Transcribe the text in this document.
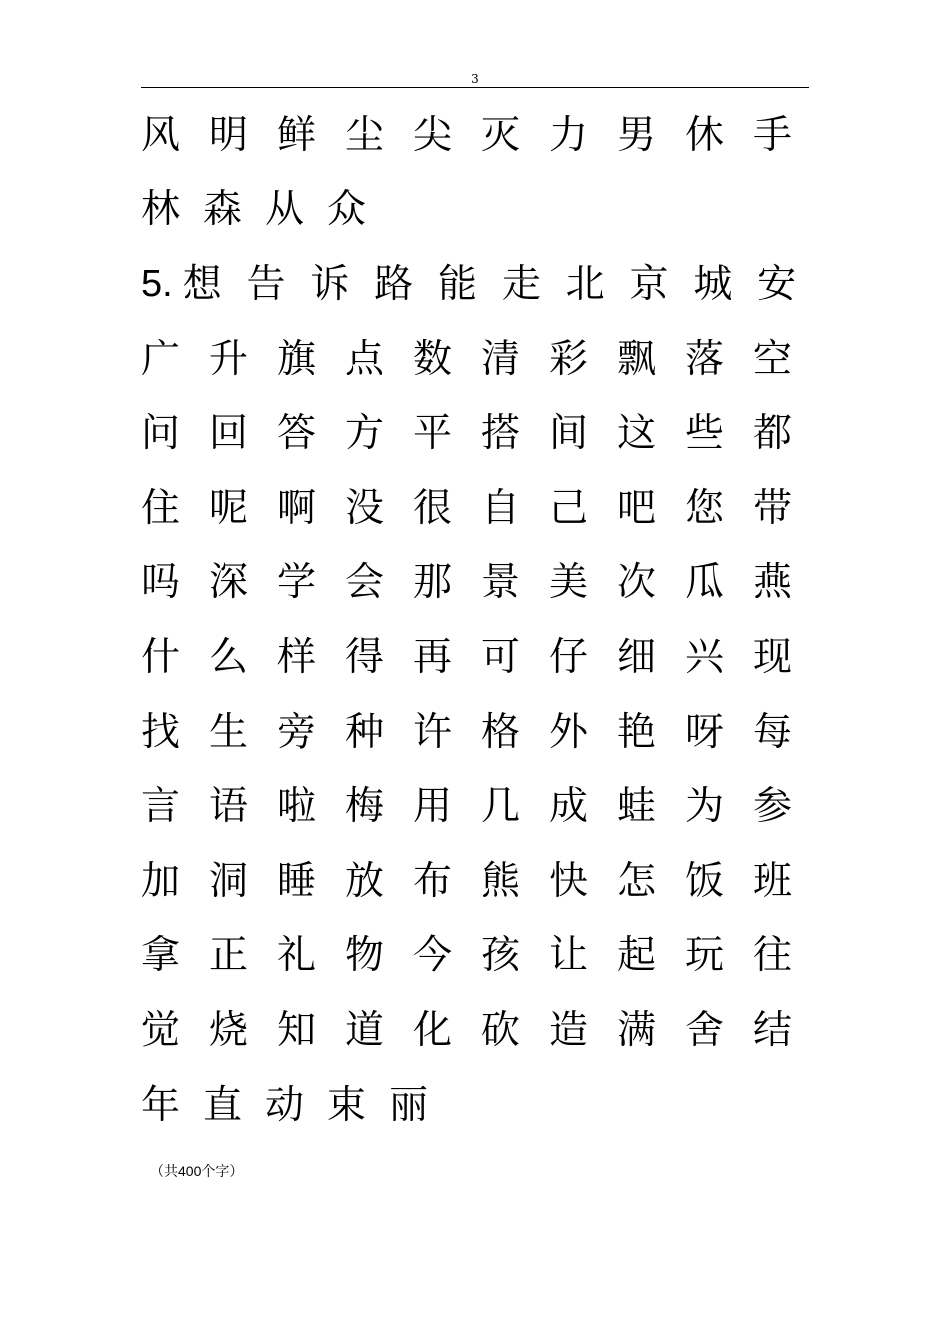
3
风 明 鲜 尘 尖 灭 力 男 休 手
林 森 从 众
5. 想 告 诉 路 能 走 北 京 城 安
广 升 旗 点 数 清 彩 飘 落 空
问 回 答 方 平 搭 间 这 些 都
住 呢 啊 没 很 自 己 吧 您 带
吗 深 学 会 那 景 美 次 瓜 燕
什 么 样 得 再 可 仔 细 兴 现
找 生 旁 种 许 格 外 艳 呀 每
言 语 啦 梅 用 几 成 蛙 为 参
加 洞 睡 放 布 熊 快 怎 饭 班
拿 正 礼 物 今 孩 让 起 玩 往
觉 烧 知 道 化 砍 造 满 舍 结
年 直 动 束 丽
（共400个字）
